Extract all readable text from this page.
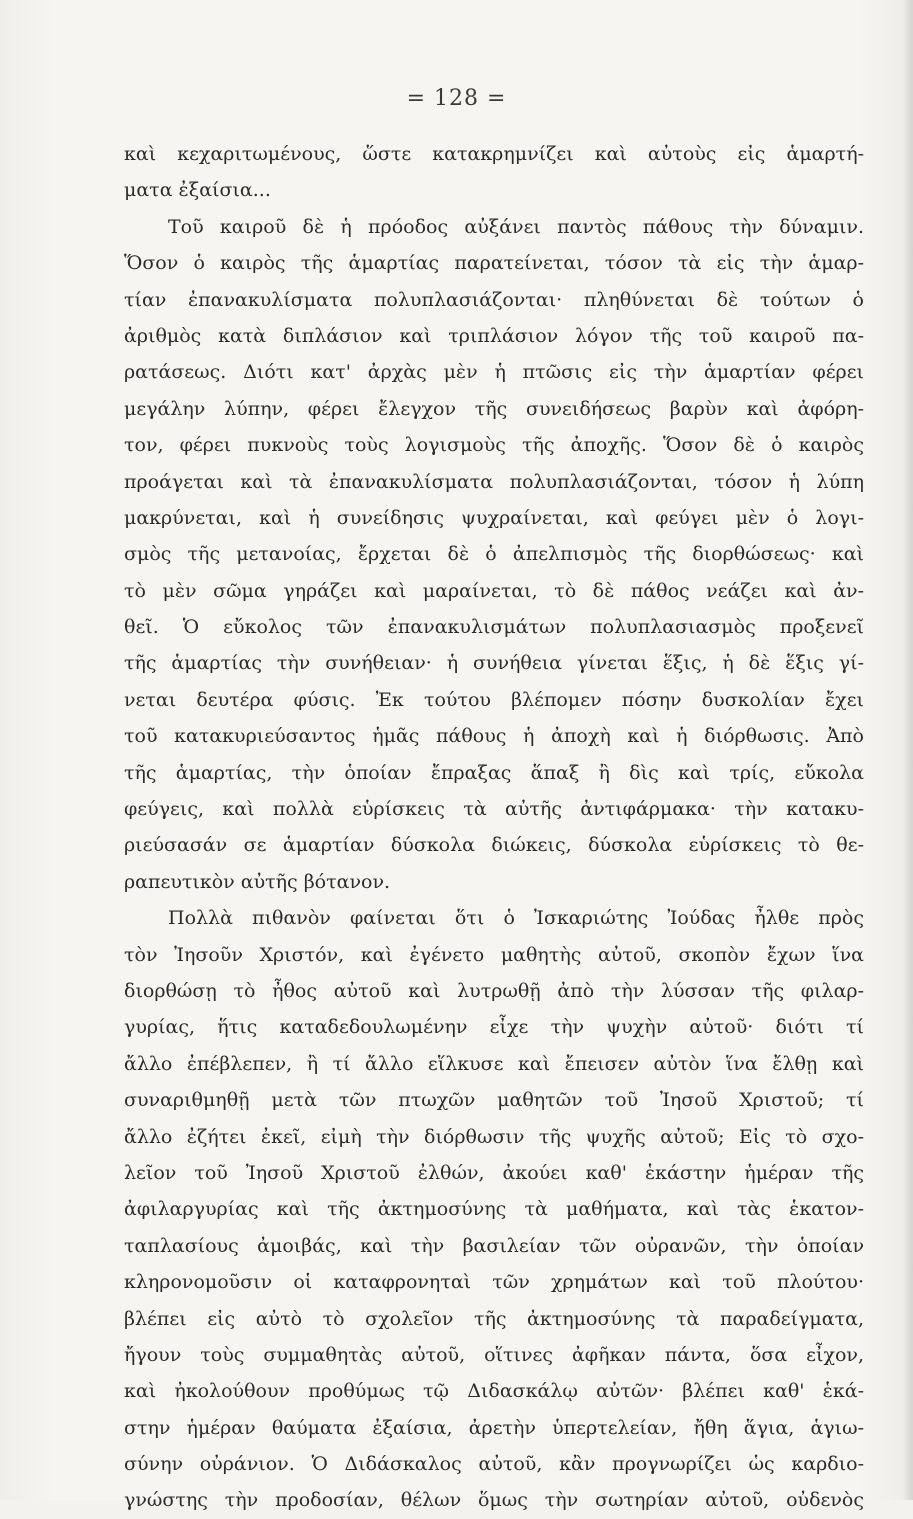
= 128 =
καὶ κεχαριτωμένους, ὥστε κατακρημνίζει καὶ αὐτοὺς εἰς ἁμαρτή-
ματα ἐξαίσια...
Τοῦ καιροῦ δὲ ἡ πρόοδος αὐξάνει παντὸς πάθους τὴν δύναμιν.
Ὅσον ὁ καιρὸς τῆς ἁμαρτίας παρατείνεται, τόσον τὰ εἰς τὴν ἁμαρ-
τίαν ἐπανακυλίσματα πολυπλασιάζονται· πληθύνεται δὲ τούτων ὁ
ἀριθμὸς κατὰ διπλάσιον καὶ τριπλάσιον λόγον τῆς τοῦ καιροῦ πα-
ρατάσεως. Διότι κατ' ἀρχὰς μὲν ἡ πτῶσις εἰς τὴν ἁμαρτίαν φέρει
μεγάλην λύπην, φέρει ἔλεγχον τῆς συνειδήσεως βαρὺν καὶ ἀφόρη-
τον, φέρει πυκνοὺς τοὺς λογισμοὺς τῆς ἀποχῆς. Ὅσον δὲ ὁ καιρὸς
προάγεται καὶ τὰ ἐπανακυλίσματα πολυπλασιάζονται, τόσον ἡ λύπη
μακρύνεται, καὶ ἡ συνείδησις ψυχραίνεται, καὶ φεύγει μὲν ὁ λογι-
σμὸς τῆς μετανοίας, ἔρχεται δὲ ὁ ἀπελπισμὸς τῆς διορθώσεως· καὶ
τὸ μὲν σῶμα γηράζει καὶ μαραίνεται, τὸ δὲ πάθος νεάζει καὶ ἀν-
θεῖ. Ὁ εὔκολος τῶν ἐπανακυλισμάτων πολυπλασιασμὸς προξενεῖ
τῆς ἁμαρτίας τὴν συνήθειαν· ἡ συνήθεια γίνεται ἕξις, ἡ δὲ ἕξις γί-
νεται δευτέρα φύσις. Ἐκ τούτου βλέπομεν πόσην δυσκολίαν ἔχει
τοῦ κατακυριεύσαντος ἡμᾶς πάθους ἡ ἀποχὴ καὶ ἡ διόρθωσις. Ἀπὸ
τῆς ἁμαρτίας, τὴν ὁποίαν ἔπραξας ἅπαξ ἢ δὶς καὶ τρίς, εὔκολα
φεύγεις, καὶ πολλὰ εὑρίσκεις τὰ αὐτῆς ἀντιφάρμακα· τὴν κατακυ-
ριεύσασάν σε ἁμαρτίαν δύσκολα διώκεις, δύσκολα εὑρίσκεις τὸ θε-
ραπευτικὸν αὐτῆς βότανον.
Πολλὰ πιθανὸν φαίνεται ὅτι ὁ Ἰσκαριώτης Ἰούδας ἦλθε πρὸς
τὸν Ἰησοῦν Χριστόν, καὶ ἐγένετο μαθητὴς αὐτοῦ, σκοπὸν ἔχων ἵνα
διορθώσῃ τὸ ἦθος αὐτοῦ καὶ λυτρωθῇ ἀπὸ τὴν λύσσαν τῆς φιλαρ-
γυρίας, ἥτις καταδεδουλωμένην εἶχε τὴν ψυχὴν αὐτοῦ· διότι τί
ἄλλο ἐπέβλεπεν, ἢ τί ἄλλο εἵλκυσε καὶ ἔπεισεν αὐτὸν ἵνα ἔλθῃ καὶ
συναριθμηθῇ μετὰ τῶν πτωχῶν μαθητῶν τοῦ Ἰησοῦ Χριστοῦ; τί
ἄλλο ἐζήτει ἐκεῖ, εἰμὴ τὴν διόρθωσιν τῆς ψυχῆς αὐτοῦ; Εἰς τὸ σχο-
λεῖον τοῦ Ἰησοῦ Χριστοῦ ἐλθών, ἀκούει καθ' ἑκάστην ἡμέραν τῆς
ἀφιλαργυρίας καὶ τῆς ἀκτημοσύνης τὰ μαθήματα, καὶ τὰς ἑκατον-
ταπλασίους ἀμοιβάς, καὶ τὴν βασιλείαν τῶν οὐρανῶν, τὴν ὁποίαν
κληρονομοῦσιν οἱ καταφρονηταὶ τῶν χρημάτων καὶ τοῦ πλούτου·
βλέπει εἰς αὐτὸ τὸ σχολεῖον τῆς ἀκτημοσύνης τὰ παραδείγματα,
ἤγουν τοὺς συμμαθητὰς αὐτοῦ, οἵτινες ἀφῆκαν πάντα, ὅσα εἶχον,
καὶ ἠκολούθουν προθύμως τῷ Διδασκάλῳ αὐτῶν· βλέπει καθ' ἑκά-
στην ἡμέραν θαύματα ἐξαίσια, ἀρετὴν ὑπερτελείαν, ἤθη ἅγια, ἁγιω-
σύνην οὐράνιον. Ὁ Διδάσκαλος αὐτοῦ, κἂν προγνωρίζει ὡς καρδιο-
γνώστης τὴν προδοσίαν, θέλων ὅμως τὴν σωτηρίαν αὐτοῦ, οὐδενὸς
